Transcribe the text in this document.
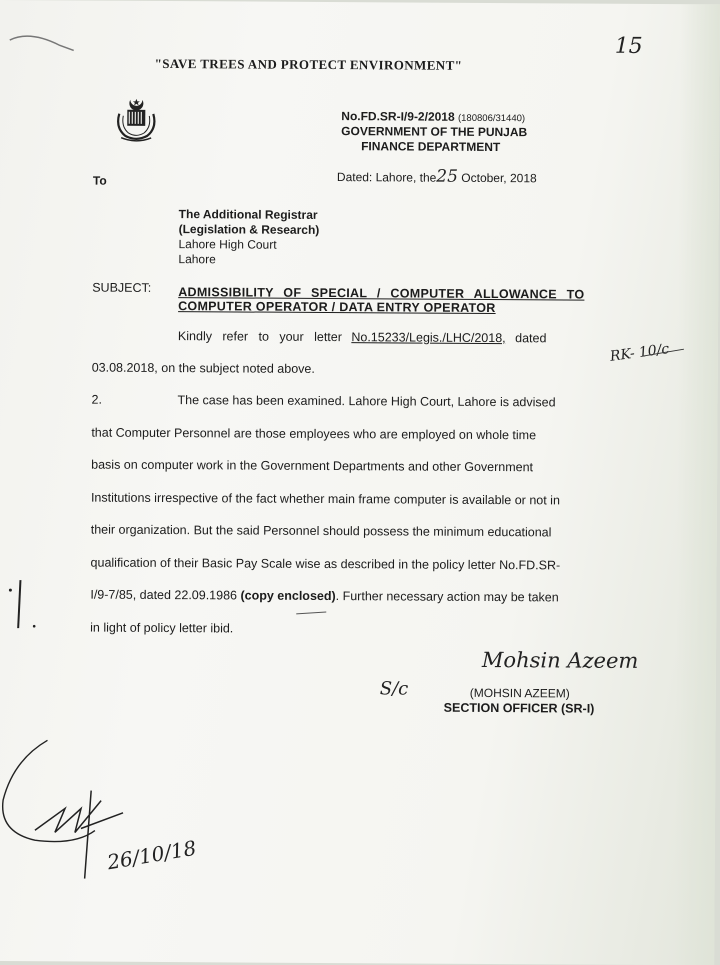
"SAVE TREES AND PROTECT ENVIRONMENT"
15
No.FD.SR-I/9-2/2018 (180806/31440)
GOVERNMENT OF THE PUNJAB
FINANCE DEPARTMENT
Dated: Lahore, the25 October, 2018
To
The Additional Registrar
(Legislation & Research)
Lahore High Court
Lahore
SUBJECT: ADMISSIBILITY OF SPECIAL / COMPUTER ALLOWANCE TO
COMPUTER OPERATOR / DATA ENTRY OPERATOR
Kindly   refer   to   your   letter No.15233/Legis./LHC/2018, dated
03.08.2018, on the subject noted above.
2.	The case has been examined. Lahore High Court, Lahore is advised
that Computer Personnel are those employees who are employed on whole time
basis on computer work in the Government Departments and other Government
Institutions irrespective of the fact whether main frame computer is available or not in
their organization. But the said Personnel should possess the minimum educational
qualification of their Basic Pay Scale wise as described in the policy letter No.FD.SR-
I/9-7/85, dated 22.09.1986 (copy enclosed). Further necessary action may be taken
in light of policy letter ibid.
Mohsin Azeem
S/c	(MOHSIN AZEEM)
SECTION OFFICER (SR-I)
RK- 10/c
26/10/18
